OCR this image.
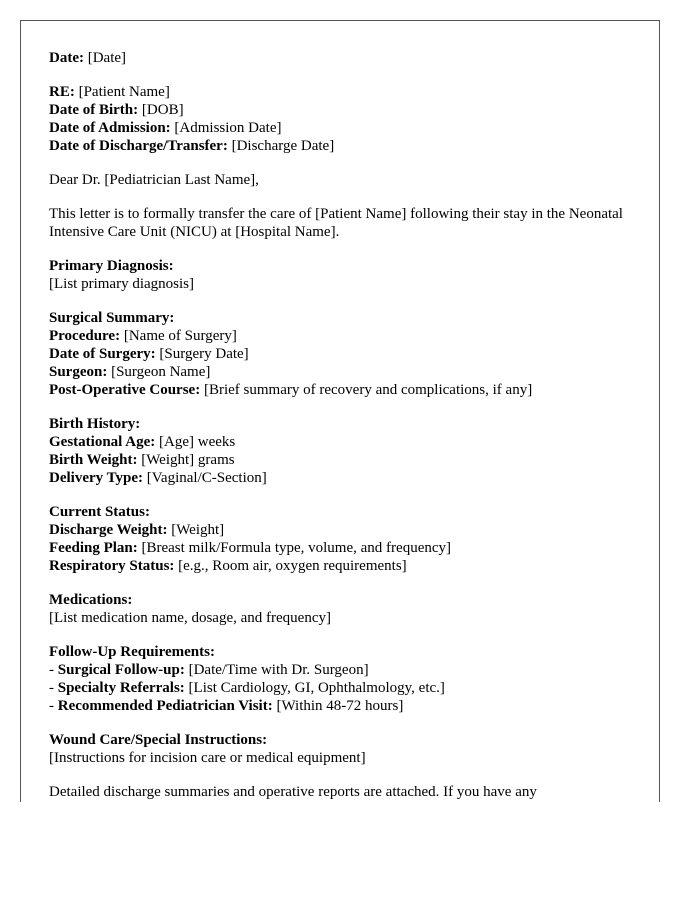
Date: [Date]
RE: [Patient Name]
Date of Birth: [DOB]
Date of Admission: [Admission Date]
Date of Discharge/Transfer: [Discharge Date]
Dear Dr. [Pediatrician Last Name],
This letter is to formally transfer the care of [Patient Name] following their stay in the Neonatal Intensive Care Unit (NICU) at [Hospital Name].
Primary Diagnosis:
[List primary diagnosis]
Surgical Summary:
Procedure: [Name of Surgery]
Date of Surgery: [Surgery Date]
Surgeon: [Surgeon Name]
Post-Operative Course: [Brief summary of recovery and complications, if any]
Birth History:
Gestational Age: [Age] weeks
Birth Weight: [Weight] grams
Delivery Type: [Vaginal/C-Section]
Current Status:
Discharge Weight: [Weight]
Feeding Plan: [Breast milk/Formula type, volume, and frequency]
Respiratory Status: [e.g., Room air, oxygen requirements]
Medications:
[List medication name, dosage, and frequency]
Follow-Up Requirements:
- Surgical Follow-up: [Date/Time with Dr. Surgeon]
- Specialty Referrals: [List Cardiology, GI, Ophthalmology, etc.]
- Recommended Pediatrician Visit: [Within 48-72 hours]
Wound Care/Special Instructions:
[Instructions for incision care or medical equipment]
Detailed discharge summaries and operative reports are attached. If you have any
